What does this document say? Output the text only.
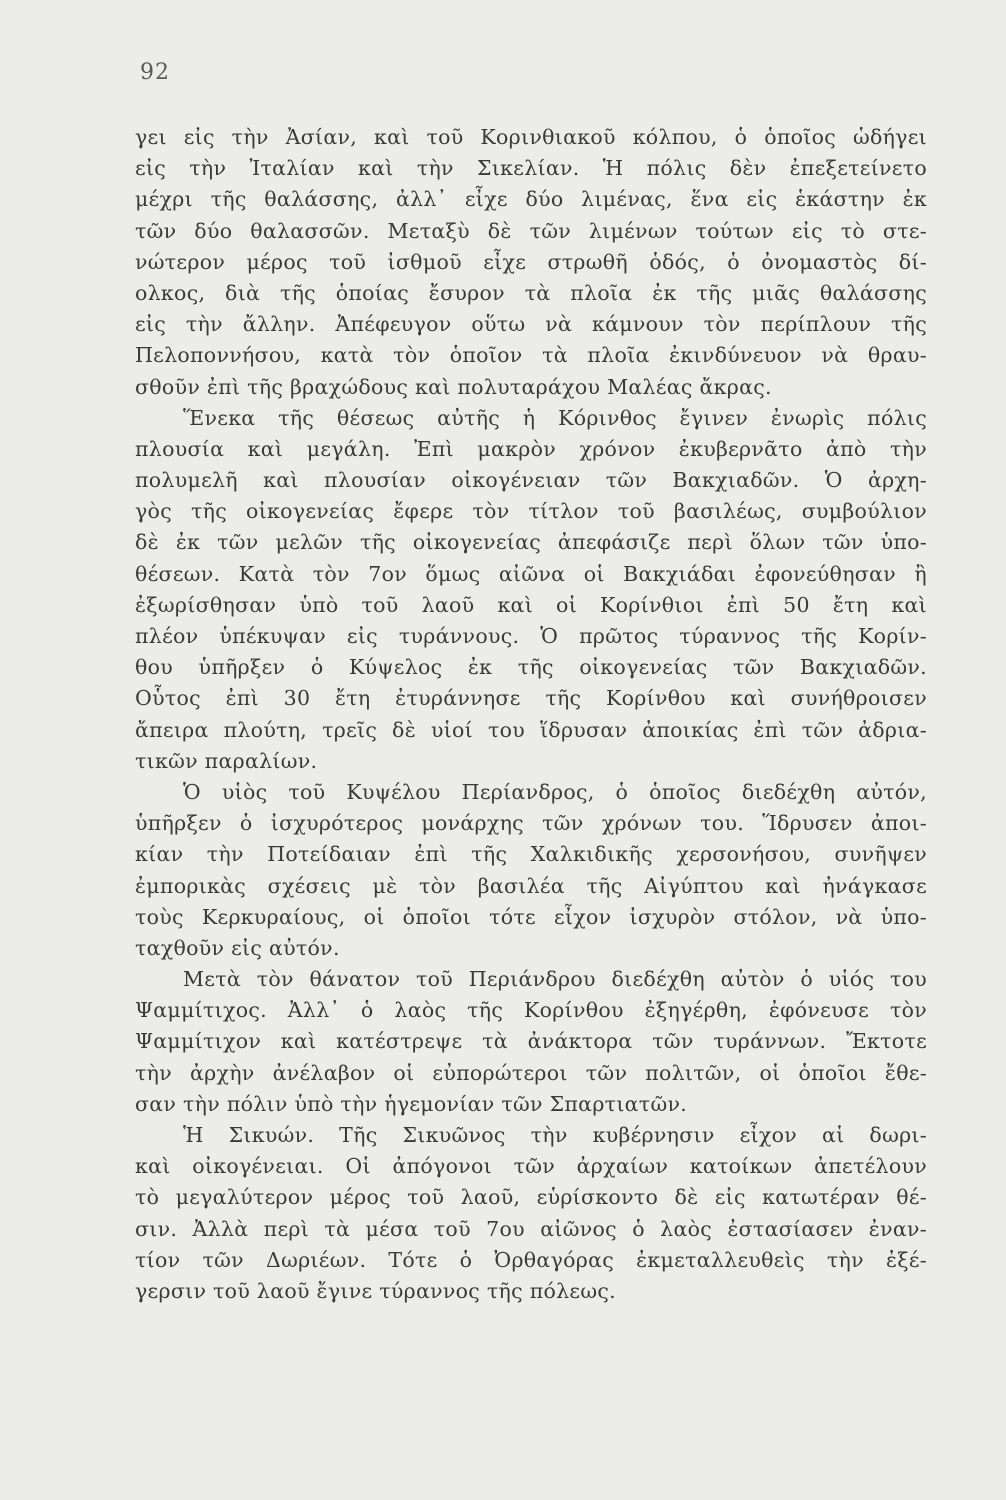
92
γει εἰς τὴν Ἀσίαν, καὶ τοῦ Κορινθιακοῦ κόλπου, ὁ ὁποῖος ὡδήγει
εἰς τὴν Ἰταλίαν καὶ τὴν Σικελίαν. Ἡ πόλις δὲν ἐπεξετείνετο
μέχρι τῆς θαλάσσης, ἀλλ᾿ εἶχε δύο λιμένας, ἕνα εἰς ἑκάστην ἐκ
τῶν δύο θαλασσῶν. Μεταξὺ δὲ τῶν λιμένων τούτων εἰς τὸ στε-
νώτερον μέρος τοῦ ἰσθμοῦ εἶχε στρωθῆ ὁδός, ὁ ὀνομαστὸς δί-
ολκος, διὰ τῆς ὁποίας ἔσυρον τὰ πλοῖα ἐκ τῆς μιᾶς θαλάσσης
εἰς τὴν ἄλλην. Ἀπέφευγον οὕτω νὰ κάμνουν τὸν περίπλουν τῆς
Πελοποννήσου, κατὰ τὸν ὁποῖον τὰ πλοῖα ἐκινδύνευον νὰ θραυ-
σθοῦν ἐπὶ τῆς βραχώδους καὶ πολυταράχου Μαλέας ἄκρας.
Ἕνεκα τῆς θέσεως αὐτῆς ἡ Κόρινθος ἔγινεν ἐνωρὶς πόλις
πλουσία καὶ μεγάλη. Ἐπὶ μακρὸν χρόνον ἐκυβερνᾶτο ἀπὸ τὴν
πολυμελῆ καὶ πλουσίαν οἰκογένειαν τῶν Βακχιαδῶν. Ὁ ἀρχη-
γὸς τῆς οἰκογενείας ἔφερε τὸν τίτλον τοῦ βασιλέως, συμβούλιον
δὲ ἐκ τῶν μελῶν τῆς οἰκογενείας ἀπεφάσιζε περὶ ὅλων τῶν ὑπο-
θέσεων. Κατὰ τὸν 7ον ὅμως αἰῶνα οἱ Βακχιάδαι ἐφονεύθησαν ἢ
ἐξωρίσθησαν ὑπὸ τοῦ λαοῦ καὶ οἱ Κορίνθιοι ἐπὶ 50 ἔτη καὶ
πλέον ὑπέκυψαν εἰς τυράννους. Ὁ πρῶτος τύραννος τῆς Κορίν-
θου ὑπῆρξεν ὁ Κύψελος ἐκ τῆς οἰκογενείας τῶν Βακχιαδῶν.
Οὗτος ἐπὶ 30 ἔτη ἐτυράννησε τῆς Κορίνθου καὶ συνήθροισεν
ἄπειρα πλούτη, τρεῖς δὲ υἱοί του ἵδρυσαν ἀποικίας ἐπὶ τῶν ἀδρια-
τικῶν παραλίων.
Ὁ υἱὸς τοῦ Κυψέλου Περίανδρος, ὁ ὁποῖος διεδέχθη αὐτόν,
ὑπῆρξεν ὁ ἰσχυρότερος μονάρχης τῶν χρόνων του. Ἵδρυσεν ἀποι-
κίαν τὴν Ποτείδαιαν ἐπὶ τῆς Χαλκιδικῆς χερσονήσου, συνῆψεν
ἐμπορικὰς σχέσεις μὲ τὸν βασιλέα τῆς Αἰγύπτου καὶ ἠνάγκασε
τοὺς Κερκυραίους, οἱ ὁποῖοι τότε εἶχον ἰσχυρὸν στόλον, νὰ ὑπο-
ταχθοῦν εἰς αὐτόν.
Μετὰ τὸν θάνατον τοῦ Περιάνδρου διεδέχθη αὐτὸν ὁ υἱός του
Ψαμμίτιχος. Ἀλλ᾿ ὁ λαὸς τῆς Κορίνθου ἐξηγέρθη, ἐφόνευσε τὸν
Ψαμμίτιχον καὶ κατέστρεψε τὰ ἀνάκτορα τῶν τυράννων. Ἔκτοτε
τὴν ἀρχὴν ἀνέλαβον οἱ εὐπορώτεροι τῶν πολιτῶν, οἱ ὁποῖοι ἔθε-
σαν τὴν πόλιν ὑπὸ τὴν ἡγεμονίαν τῶν Σπαρτιατῶν.
Ἡ Σικυών. Τῆς Σικυῶνος τὴν κυβέρνησιν εἶχον αἱ δωρι-
καὶ οἰκογένειαι. Οἱ ἀπόγονοι τῶν ἀρχαίων κατοίκων ἀπετέλουν
τὸ μεγαλύτερον μέρος τοῦ λαοῦ, εὑρίσκοντο δὲ εἰς κατωτέραν θέ-
σιν. Ἀλλὰ περὶ τὰ μέσα τοῦ 7ου αἰῶνος ὁ λαὸς ἐστασίασεν ἐναν-
τίον τῶν Δωριέων. Τότε ὁ Ὀρθαγόρας ἐκμεταλλευθεὶς τὴν ἐξέ-
γερσιν τοῦ λαοῦ ἔγινε τύραννος τῆς πόλεως.
